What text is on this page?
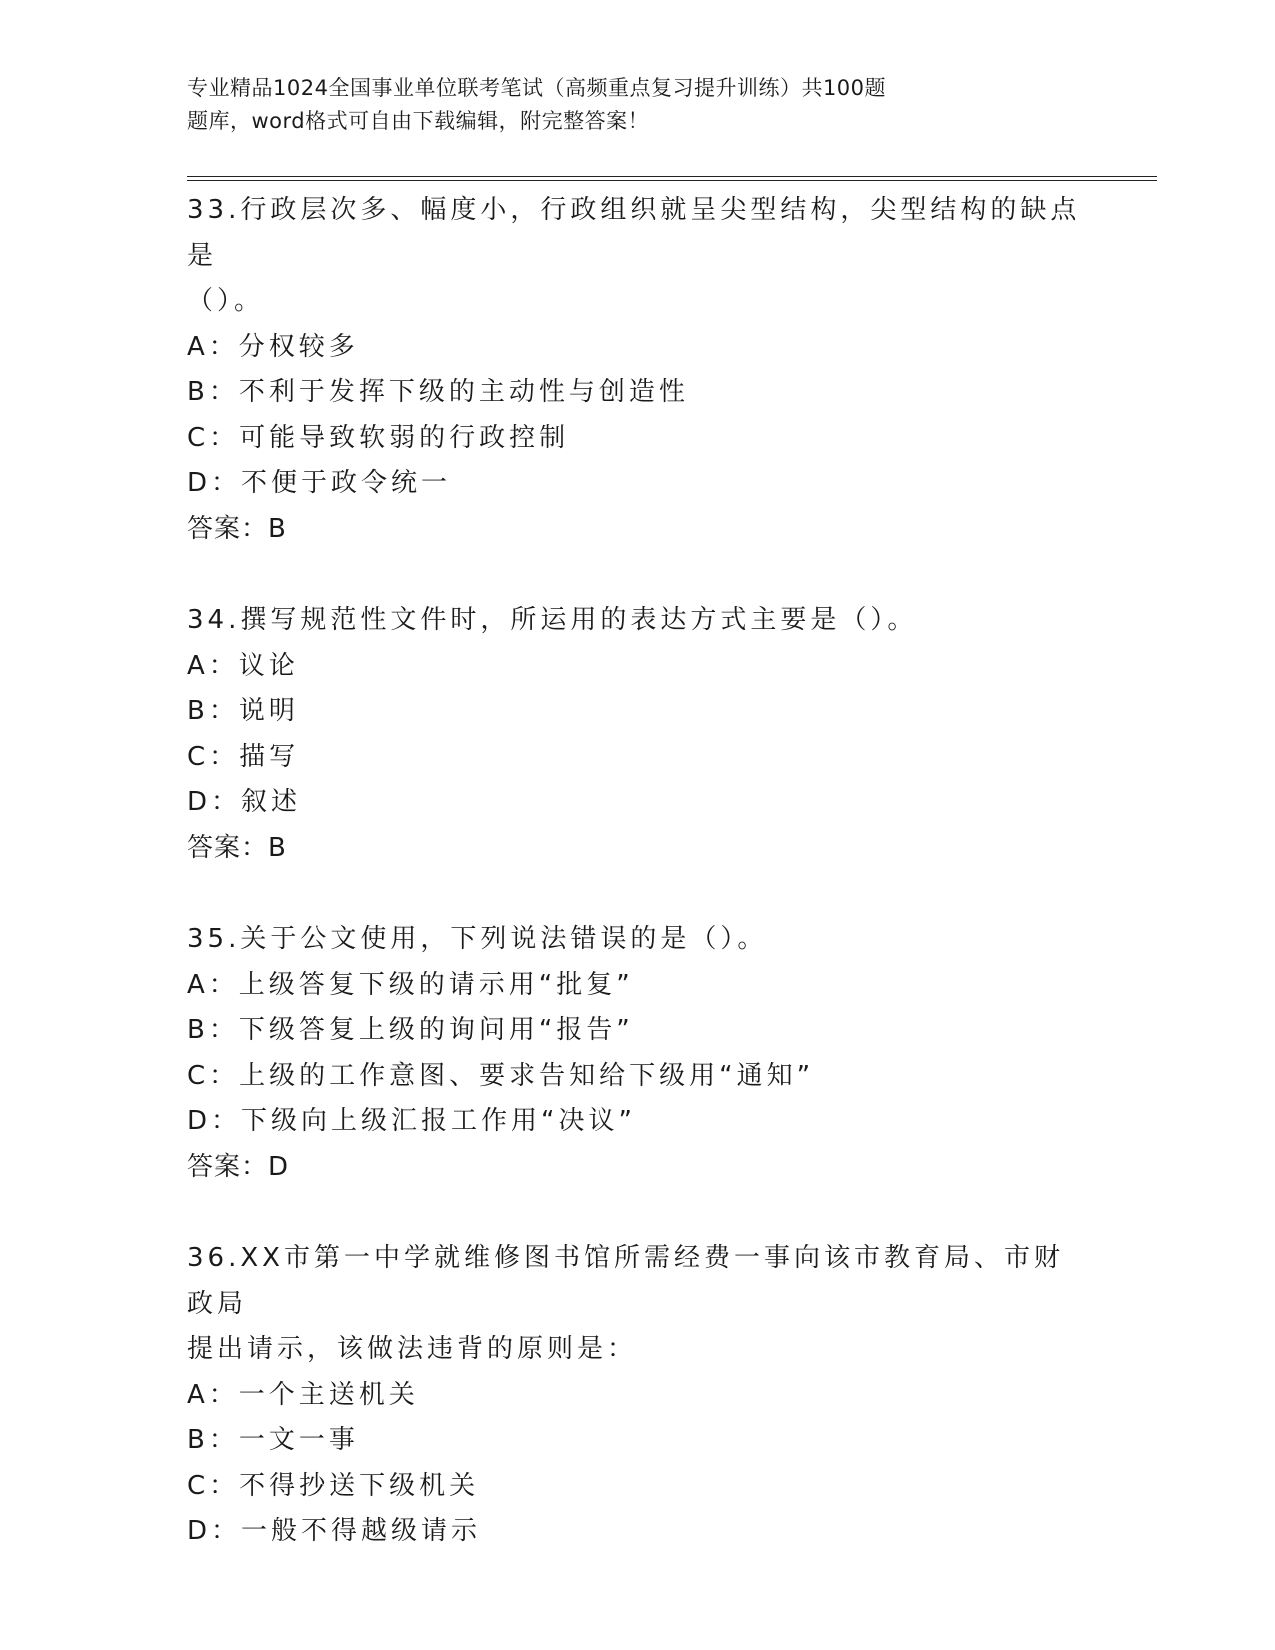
专业精品1024全国事业单位联考笔试（高频重点复习提升训练）共100题
题库，word格式可自由下载编辑，附完整答案！
33.行政层次多、幅度小，行政组织就呈尖型结构，尖型结构的缺点是
（）。
A：分权较多
B：不利于发挥下级的主动性与创造性
C：可能导致软弱的行政控制
D：不便于政令统一
答案：B
34.撰写规范性文件时，所运用的表达方式主要是（）。
A：议论
B：说明
C：描写
D：叙述
答案：B
35.关于公文使用，下列说法错误的是（）。
A：上级答复下级的请示用“批复”
B：下级答复上级的询问用“报告”
C：上级的工作意图、要求告知给下级用“通知”
D：下级向上级汇报工作用“决议”
答案：D
36.XX市第一中学就维修图书馆所需经费一事向该市教育局、市财政局
提出请示，该做法违背的原则是：
A：一个主送机关
B：一文一事
C：不得抄送下级机关
D：一般不得越级请示
